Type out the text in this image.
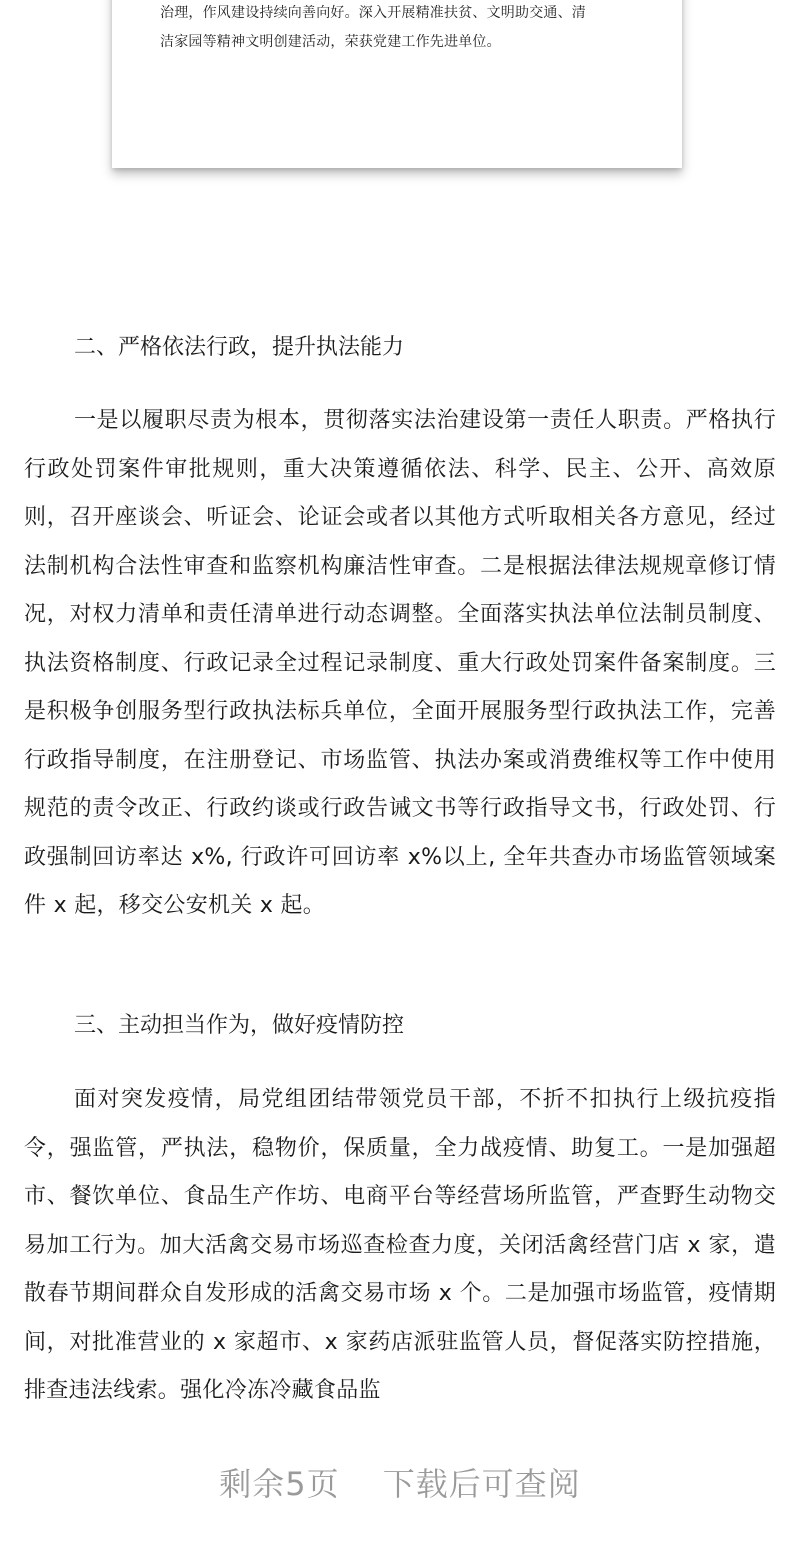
治理，作风建设持续向善向好。深入开展精准扶贫、文明助交通、清

洁家园等精神文明创建活动，荣获党建工作先进单位。

二、严格依法行政，提升执法能力

一是以履职尽责为根本，贯彻落实法治建设第一责任人职责。严格执行行政处罚案件审批规则，重大决策遵循依法、科学、民主、公开、高效原则，召开座谈会、听证会、论证会或者以其他方式听取相关各方意见，经过法制机构合法性审查和监察机构廉洁性审查。二是根据法律法规规章修订情况，对权力清单和责任清单进行动态调整。全面落实执法单位法制员制度、执法资格制度、行政记录全过程记录制度、重大行政处罚案件备案制度。三是积极争创服务型行政执法标兵单位，全面开展服务型行政执法工作，完善行政指导制度，在注册登记、市场监管、执法办案或消费维权等工作中使用规范的责令改正、行政约谈或行政告诫文书等行政指导文书，行政处罚、行政强制回访率达 x%, 行政许可回访率 x%以上, 全年共查办市场监管领域案件 x 起，移交公安机关 x 起。

三、主动担当作为，做好疫情防控

面对突发疫情，局党组团结带领党员干部，不折不扣执行上级抗疫指令，强监管，严执法，稳物价，保质量，全力战疫情、助复工。一是加强超市、餐饮单位、食品生产作坊、电商平台等经营场所监管，严查野生动物交易加工行为。加大活禽交易市场巡查检查力度，关闭活禽经营门店 x 家，遣散春节期间群众自发形成的活禽交易市场 x 个。二是加强市场监管，疫情期间，对批准营业的 x 家超市、x 家药店派驻监管人员，督促落实防控措施，排查违法线索。强化冷冻冷藏食品监

剩余5页 下载后可查阅
